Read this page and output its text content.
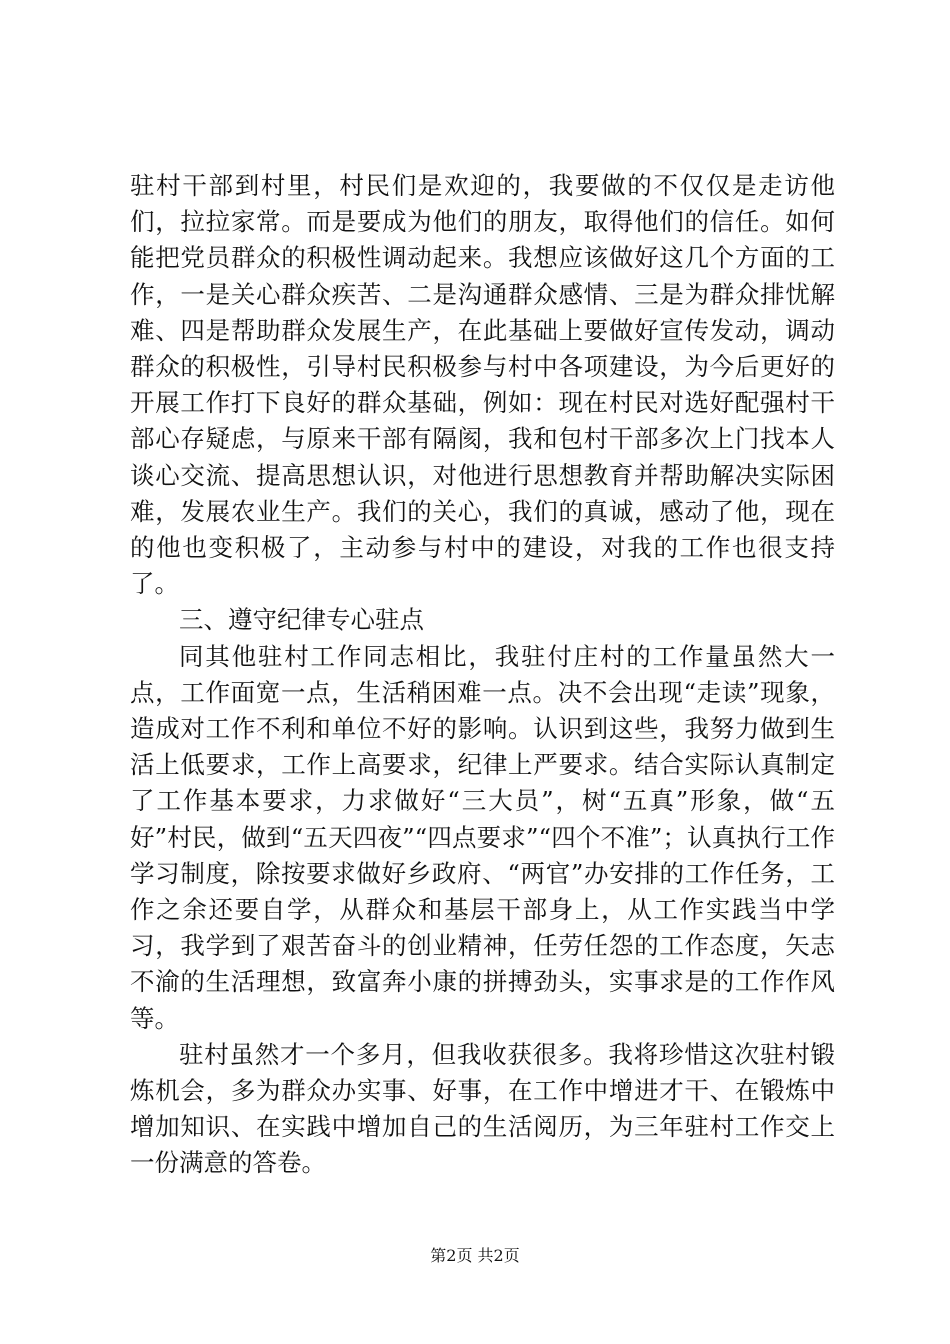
驻村干部到村里，村民们是欢迎的，我要做的不仅仅是走访他们，拉拉家常。而是要成为他们的朋友，取得他们的信任。如何能把党员群众的积极性调动起来。我想应该做好这几个方面的工作，一是关心群众疾苦、二是沟通群众感情、三是为群众排忧解难、四是帮助群众发展生产，在此基础上要做好宣传发动，调动群众的积极性，引导村民积极参与村中各项建设，为今后更好的开展工作打下良好的群众基础，例如：现在村民对选好配强村干部心存疑虑，与原来干部有隔阂，我和包村干部多次上门找本人谈心交流、提高思想认识，对他进行思想教育并帮助解决实际困难，发展农业生产。我们的关心，我们的真诚，感动了他，现在的他也变积极了，主动参与村中的建设，对我的工作也很支持了。

三、遵守纪律专心驻点

同其他驻村工作同志相比，我驻付庄村的工作量虽然大一点，工作面宽一点，生活稍困难一点。决不会出现“走读”现象，造成对工作不利和单位不好的影响。认识到这些，我努力做到生活上低要求，工作上高要求，纪律上严要求。结合实际认真制定了工作基本要求，力求做好“三大员”，树“五真”形象，做“五好”村民，做到“五天四夜”“四点要求”“四个不准”；认真执行工作学习制度，除按要求做好乡政府、“两官”办安排的工作任务，工作之余还要自学，从群众和基层干部身上，从工作实践当中学习，我学到了艰苦奋斗的创业精神，任劳任怨的工作态度，矢志不渝的生活理想，致富奔小康的拼搏劲头，实事求是的工作作风等。

驻村虽然才一个多月，但我收获很多。我将珍惜这次驻村锻炼机会，多为群众办实事、好事，在工作中增进才干、在锻炼中增加知识、在实践中增加自己的生活阅历，为三年驻村工作交上一份满意的答卷。

第2页 共2页
